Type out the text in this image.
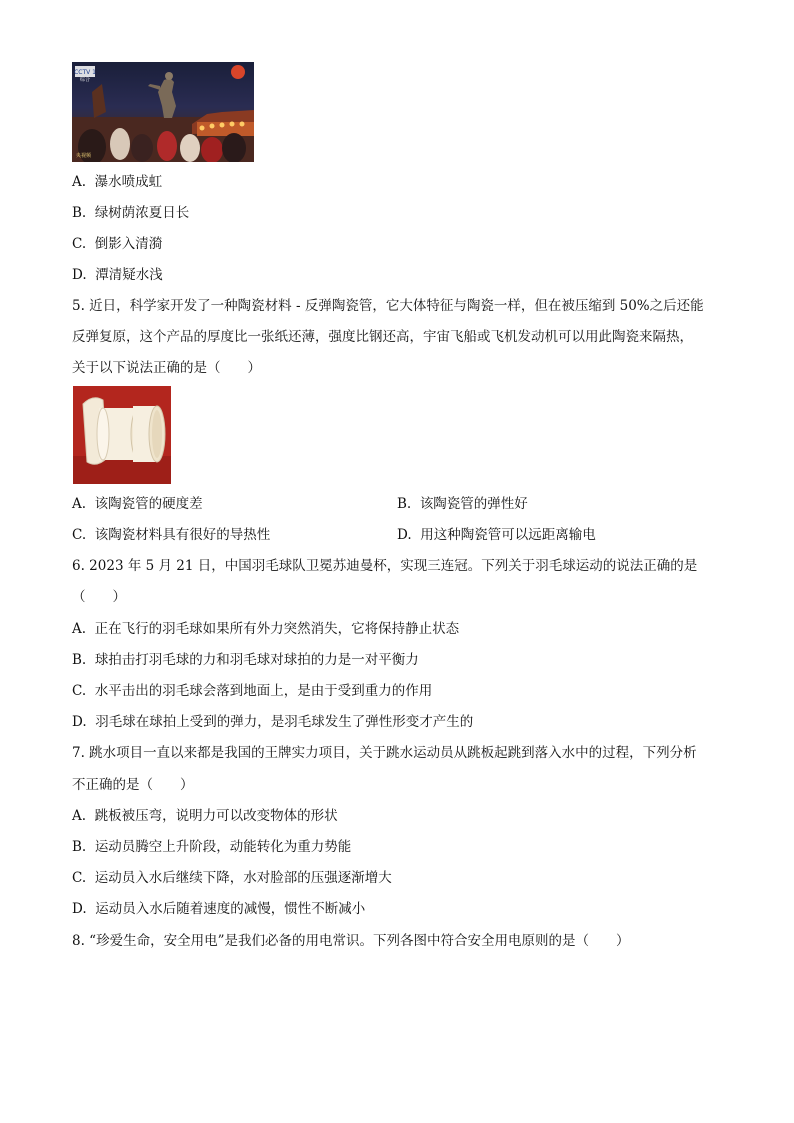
CCTV 1
综合
央视频
A. 瀑水喷成虹
B. 绿树荫浓夏日长
C. 倒影入清漪
D. 潭清疑水浅
5. 近日，科学家开发了一种陶瓷材料 - 反弹陶瓷管，它大体特征与陶瓷一样，但在被压缩到 50%之后还能
反弹复原，这个产品的厚度比一张纸还薄，强度比钢还高，宇宙飞船或飞机发动机可以用此陶瓷来隔热，
关于以下说法正确的是（　　）
A. 该陶瓷管的硬度差	B. 该陶瓷管的弹性好
C. 该陶瓷材料具有很好的导热性	D. 用这种陶瓷管可以远距离输电
6. 2023 年 5 月 21 日，中国羽毛球队卫冕苏迪曼杯，实现三连冠。下列关于羽毛球运动的说法正确的是
（　　）
A. 正在飞行的羽毛球如果所有外力突然消失，它将保持静止状态
B. 球拍击打羽毛球的力和羽毛球对球拍的力是一对平衡力
C. 水平击出的羽毛球会落到地面上，是由于受到重力的作用
D. 羽毛球在球拍上受到的弹力，是羽毛球发生了弹性形变才产生的
7. 跳水项目一直以来都是我国的王牌实力项目，关于跳水运动员从跳板起跳到落入水中的过程，下列分析
不正确的是（　　）
A. 跳板被压弯，说明力可以改变物体的形状
B. 运动员腾空上升阶段，动能转化为重力势能
C. 运动员入水后继续下降，水对脸部的压强逐渐增大
D. 运动员入水后随着速度的减慢，惯性不断减小
8. “珍爱生命，安全用电”是我们必备的用电常识。下列各图中符合安全用电原则的是（　　）
